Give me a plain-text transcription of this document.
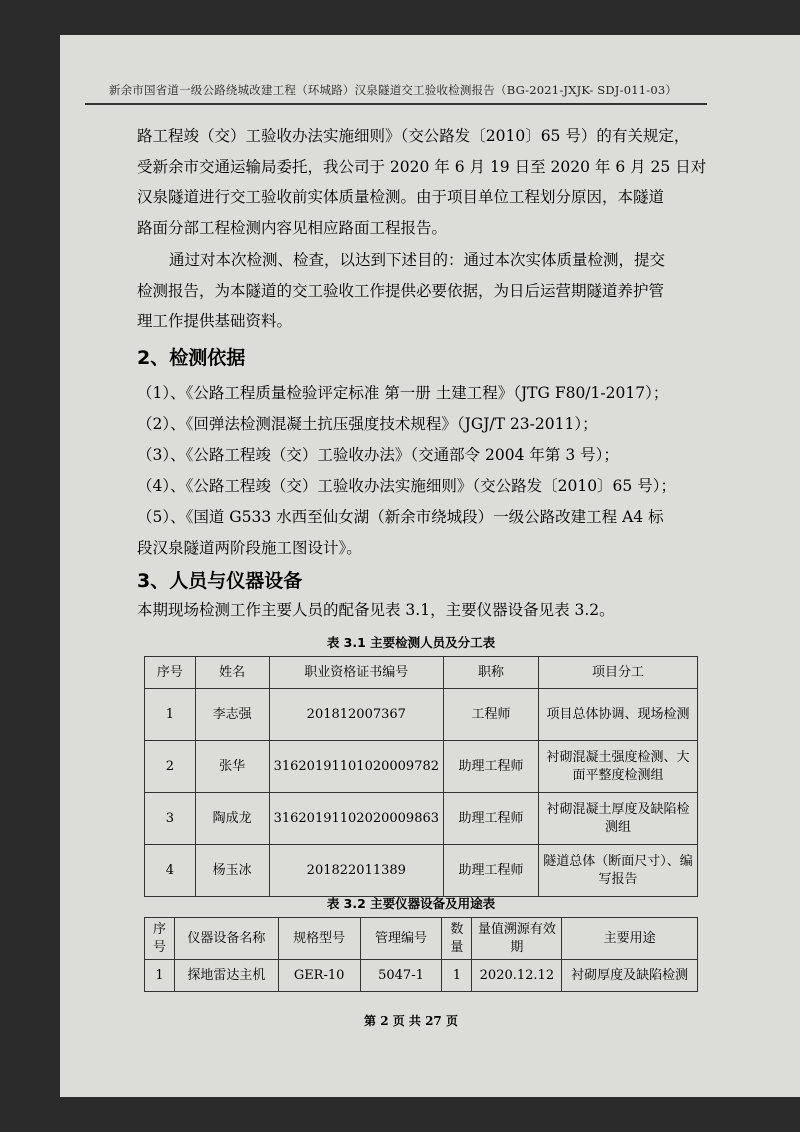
新余市国省道一级公路绕城改建工程（环城路）汉泉隧道交工验收检测报告（BG-2021-JXJK- SDJ-011-03）
路工程竣（交）工验收办法实施细则》（交公路发〔2010〕65 号）的有关规定，
受新余市交通运输局委托，我公司于 2020 年 6 月 19 日至 2020 年 6 月 25 日对
汉泉隧道进行交工验收前实体质量检测。由于项目单位工程划分原因，本隧道
路面分部工程检测内容见相应路面工程报告。
通过对本次检测、检查，以达到下述目的：通过本次实体质量检测，提交
检测报告，为本隧道的交工验收工作提供必要依据，为日后运营期隧道养护管
理工作提供基础资料。
2、检测依据
（1）、《公路工程质量检验评定标准 第一册 土建工程》（JTG F80/1-2017）；
（2）、《回弹法检测混凝土抗压强度技术规程》（JGJ/T 23-2011）；
（3）、《公路工程竣（交）工验收办法》（交通部令 2004 年第 3 号）；
（4）、《公路工程竣（交）工验收办法实施细则》（交公路发〔2010〕65 号）；
（5）、《国道 G533 水西至仙女湖（新余市绕城段）一级公路改建工程 A4 标
段汉泉隧道两阶段施工图设计》。
3、人员与仪器设备
本期现场检测工作主要人员的配备见表 3.1，主要仪器设备见表 3.2。
表 3.1 主要检测人员及分工表
序号	姓名	职业资格证书编号	职称	项目分工
1	李志强	201812007367	工程师	项目总体协调、现场检测
2	张华	31620191101020009782	助理工程师	衬砌混凝土强度检测、大面平整度检测组
3	陶成龙	31620191102020009863	助理工程师	衬砌混凝土厚度及缺陷检测组
4	杨玉冰	201822011389	助理工程师	隧道总体（断面尺寸）、编写报告
表 3.2 主要仪器设备及用途表
序号	仪器设备名称	规格型号	管理编号	数量	量值溯源有效期	主要用途
1	探地雷达主机	GER-10	5047-1	1	2020.12.12	衬砌厚度及缺陷检测
第 2 页 共 27 页
